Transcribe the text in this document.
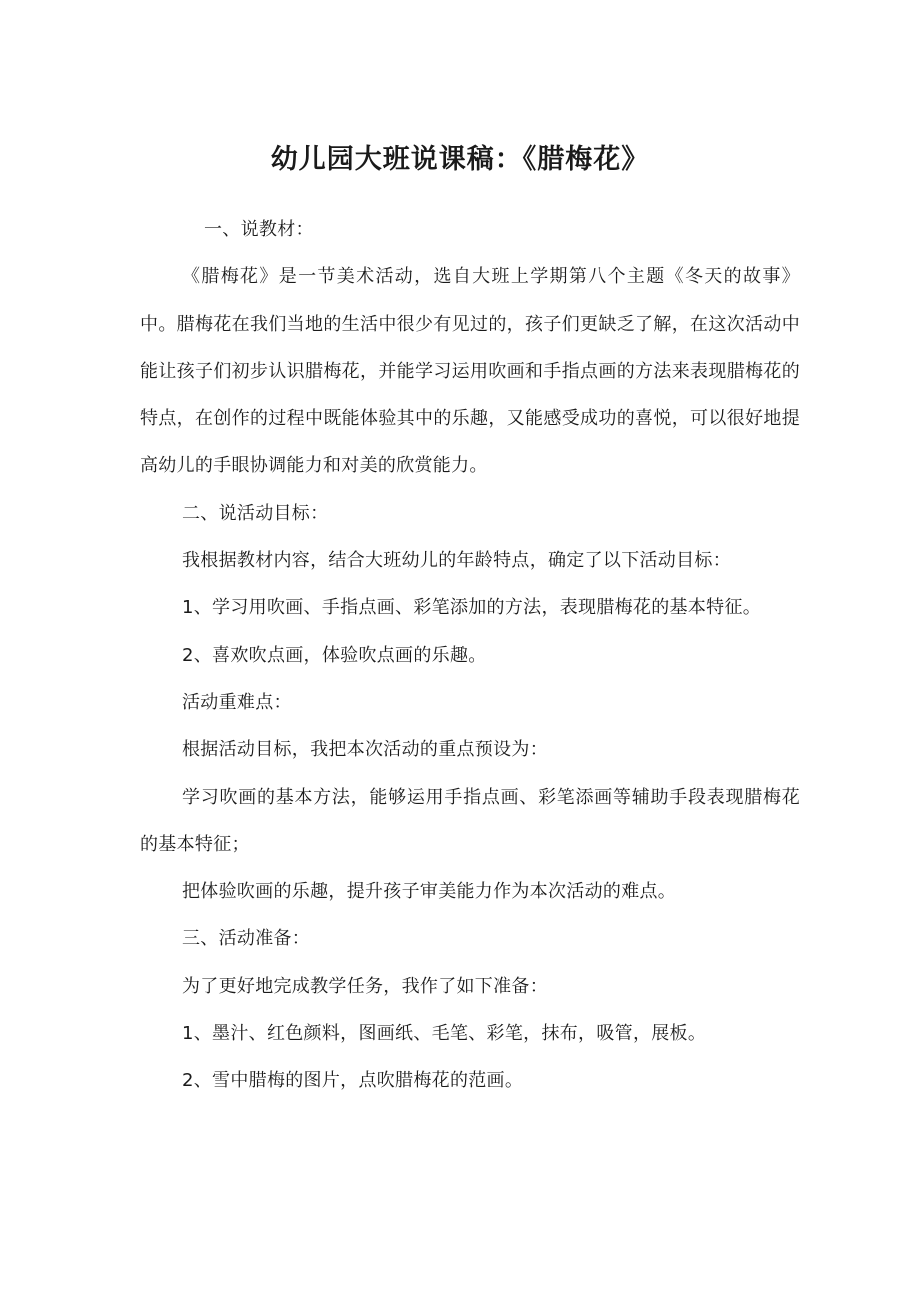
幼儿园大班说课稿：《腊梅花》

一、说教材：

《腊梅花》是一节美术活动，选自大班上学期第八个主题《冬天的故事》中。腊梅花在我们当地的生活中很少有见过的，孩子们更缺乏了解，在这次活动中能让孩子们初步认识腊梅花，并能学习运用吹画和手指点画的方法来表现腊梅花的特点，在创作的过程中既能体验其中的乐趣，又能感受成功的喜悦，可以很好地提高幼儿的手眼协调能力和对美的欣赏能力。

二、说活动目标：

我根据教材内容，结合大班幼儿的年龄特点，确定了以下活动目标：

1、学习用吹画、手指点画、彩笔添加的方法，表现腊梅花的基本特征。

2、喜欢吹点画，体验吹点画的乐趣。

活动重难点：

根据活动目标，我把本次活动的重点预设为：

学习吹画的基本方法，能够运用手指点画、彩笔添画等辅助手段表现腊梅花的基本特征；

把体验吹画的乐趣，提升孩子审美能力作为本次活动的难点。

三、活动准备：

为了更好地完成教学任务，我作了如下准备：

1、墨汁、红色颜料，图画纸、毛笔、彩笔，抹布，吸管，展板。

2、雪中腊梅的图片，点吹腊梅花的范画。
